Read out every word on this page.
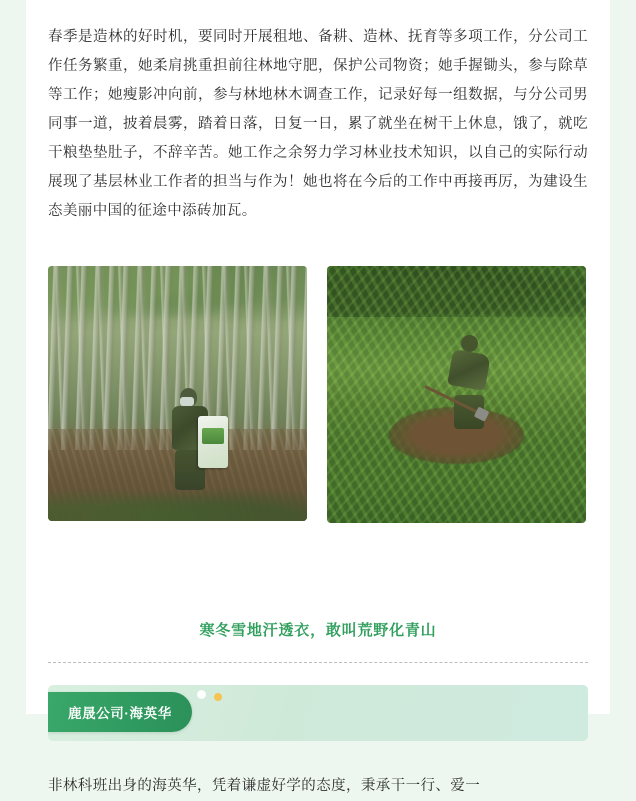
春季是造林的好时机，要同时开展租地、备耕、造林、抚育等多项工作，分公司工作任务繁重，她柔肩挑重担前往林地守肥，保护公司物资；她手握锄头，参与除草等工作；她瘦影冲向前，参与林地林木调查工作，记录好每一组数据，与分公司男同事一道，披着晨雾，踏着日落，日复一日，累了就坐在树干上休息，饿了，就吃干粮垫垫肚子，不辞辛苦。她工作之余努力学习林业技术知识，以自己的实际行动展现了基层林业工作者的担当与作为！她也将在今后的工作中再接再厉，为建设生态美丽中国的征途中添砖加瓦。

寒冬雪地汗透衣，敢叫荒野化青山
鹿晟公司·海英华

非林科班出身的海英华，凭着谦虚好学的态度，秉承干一行、爱一
